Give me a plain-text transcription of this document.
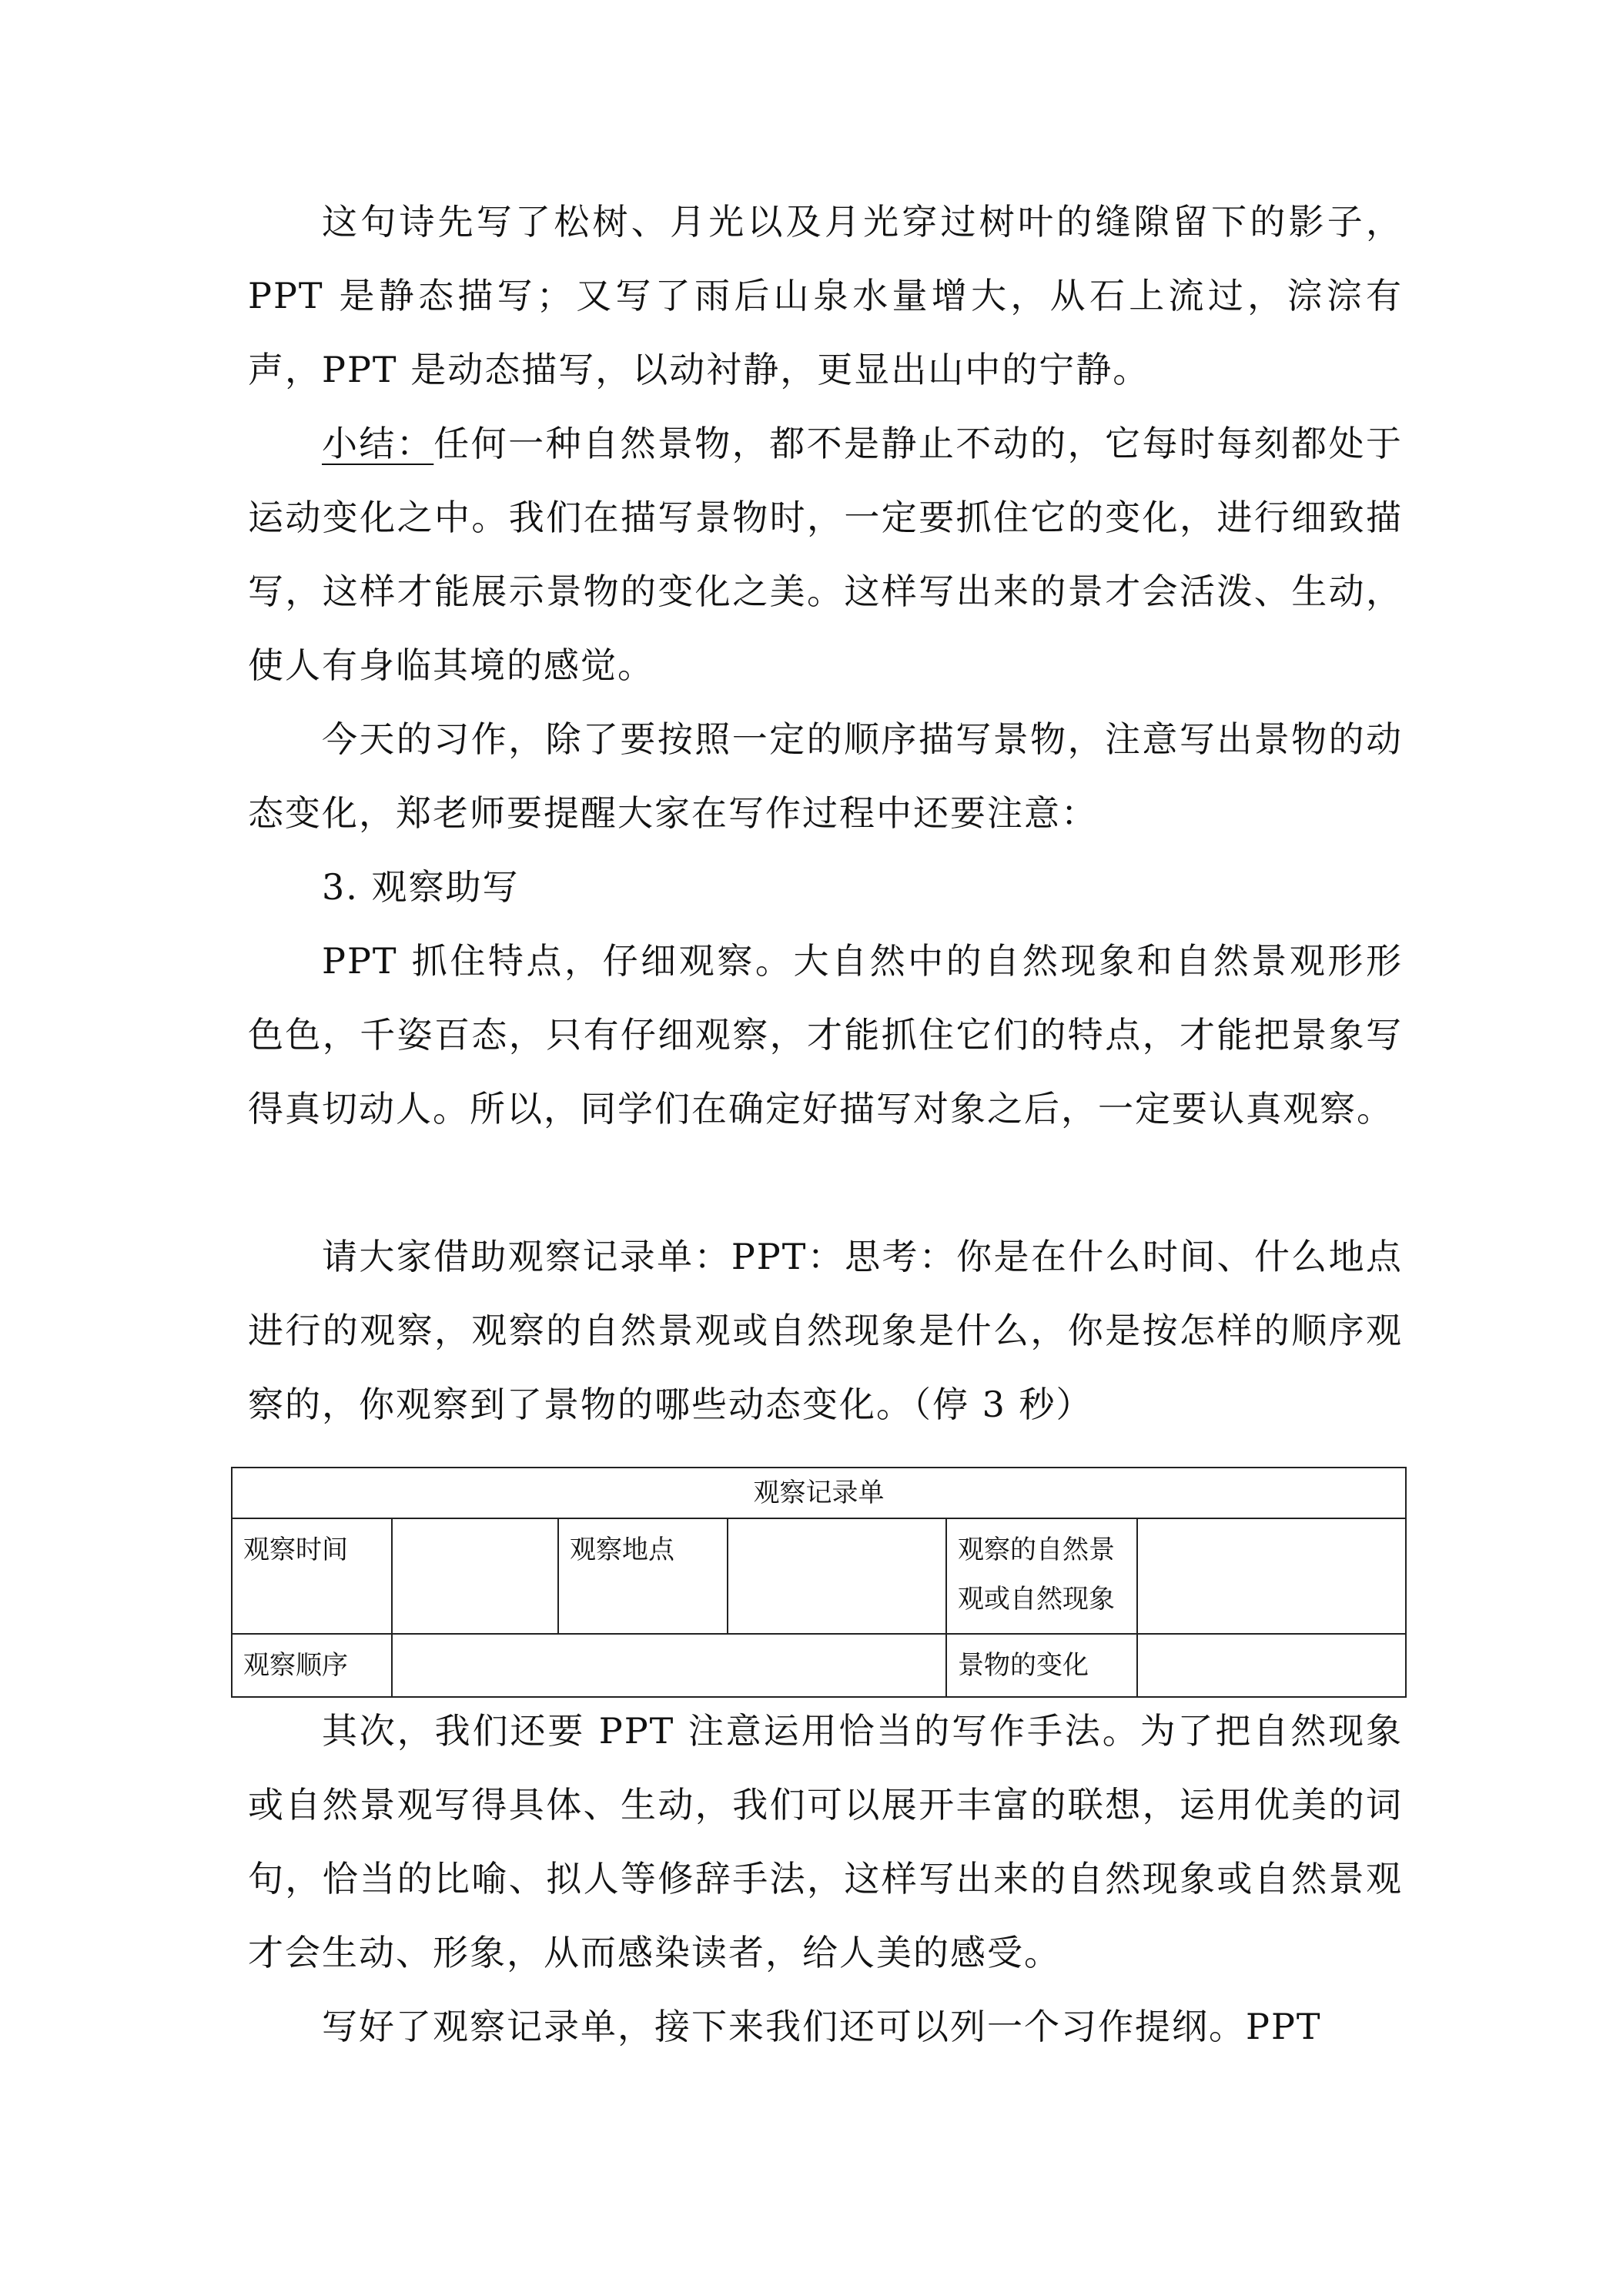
这句诗先写了松树、月光以及月光穿过树叶的缝隙留下的影子，PPT 是静态描写；又写了雨后山泉水量增大，从石上流过，淙淙有声，PPT 是动态描写，以动衬静，更显出山中的宁静。

小结：任何一种自然景物，都不是静止不动的，它每时每刻都处于运动变化之中。我们在描写景物时，一定要抓住它的变化，进行细致描写，这样才能展示景物的变化之美。这样写出来的景才会活泼、生动，使人有身临其境的感觉。

今天的习作，除了要按照一定的顺序描写景物，注意写出景物的动态变化，郑老师要提醒大家在写作过程中还要注意：

3. 观察助写

PPT 抓住特点，仔细观察。大自然中的自然现象和自然景观形形色色，千姿百态，只有仔细观察，才能抓住它们的特点，才能把景象写得真切动人。所以，同学们在确定好描写对象之后，一定要认真观察。

请大家借助观察记录单：PPT：思考：你是在什么时间、什么地点进行的观察，观察的自然景观或自然现象是什么，你是按怎样的顺序观察的，你观察到了景物的哪些动态变化。（停 3 秒）

观察记录单					
观察时间		观察地点		观察的自然景观或自然现象	
观察顺序				景物的变化	

其次，我们还要 PPT 注意运用恰当的写作手法。为了把自然现象或自然景观写得具体、生动，我们可以展开丰富的联想，运用优美的词句，恰当的比喻、拟人等修辞手法，这样写出来的自然现象或自然景观才会生动、形象，从而感染读者，给人美的感受。

写好了观察记录单，接下来我们还可以列一个习作提纲。PPT
